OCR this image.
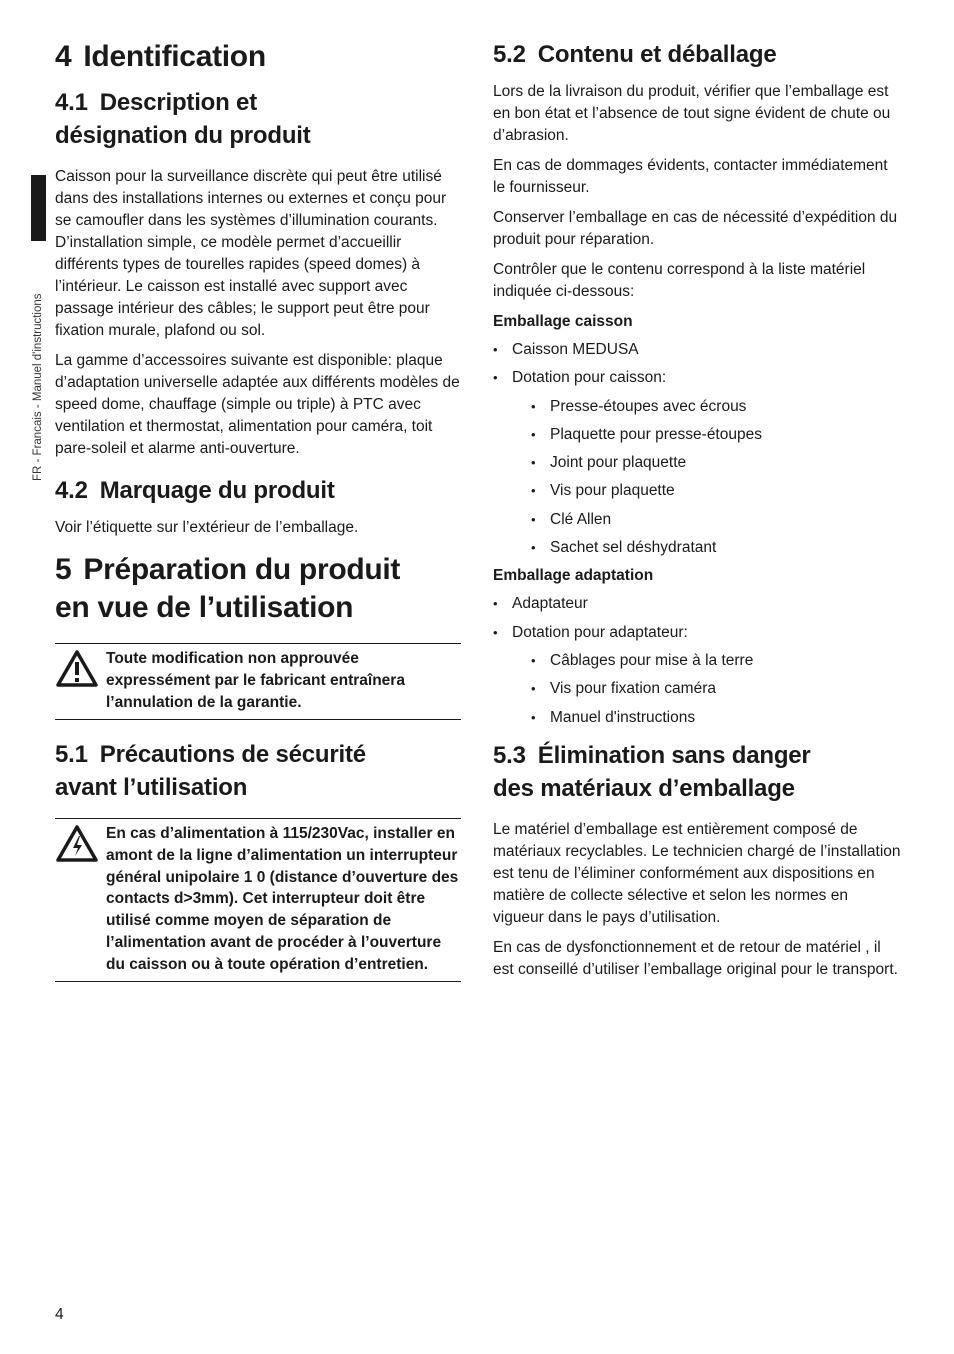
FR - Francais - Manuel d'instructions
4 Identification
4.1 Description et
désignation du produit

Caisson pour la surveillance discrète qui peut être utilisé dans des installations internes ou externes et conçu pour se camoufler dans les systèmes d’illumination courants. D’installation simple, ce modèle permet d’accueillir différents types de tourelles rapides (speed domes) à l’intérieur. Le caisson est installé avec support avec passage intérieur des câbles; le support peut être pour fixation murale, plafond ou sol.

La gamme d’accessoires suivante est disponible: plaque d’adaptation universelle adaptée aux différents modèles de speed dome, chauffage (simple ou triple) à PTC avec ventilation et thermostat, alimentation pour caméra, toit pare-soleil et alarme anti-ouverture.

4.2 Marquage du produit

Voir l’étiquette sur l’extérieur de l’emballage.

5 Préparation du produit
en vue de l’utilisation
Toute modification non approuvée expressément par le fabricant entraînera l’annulation de la garantie.
5.1 Précautions de sécurité
avant l’utilisation
En cas d’alimentation à 115/230Vac, installer en amont de la ligne d’alimentation un interrupteur général unipolaire 1 0 (distance d’ouverture des contacts d>3mm). Cet interrupteur doit être utilisé comme moyen de séparation de l’alimentation avant de procéder à l’ouverture du caisson ou à toute opération d’entretien.
5.2 Contenu et déballage

Lors de la livraison du produit, vérifier que l’emballage est en bon état et l’absence de tout signe évident de chute ou d’abrasion.

En cas de dommages évidents, contacter immédiatement le fournisseur.

Conserver l’emballage en cas de nécessité d’expédition du produit pour réparation.

Contrôler que le contenu correspond à la liste matériel indiquée ci-dessous:

Emballage caisson
• Caisson MEDUSA
• Dotation pour caisson:
• Presse-étoupes avec écrous
• Plaquette pour presse-étoupes
• Joint pour plaquette
• Vis pour plaquette
• Clé Allen
• Sachet sel déshydratant
Emballage adaptation
• Adaptateur
• Dotation pour adaptateur:
• Câblages pour mise à la terre
• Vis pour fixation caméra
• Manuel d'instructions
5.3 Élimination sans danger
des matériaux d’emballage

Le matériel d’emballage est entièrement composé de matériaux recyclables. Le technicien chargé de l’installation est tenu de l’éliminer conformément aux dispositions en matière de collecte sélective et selon les normes en vigueur dans le pays d’utilisation.

En cas de dysfonctionnement et de retour de matériel , il est conseillé d’utiliser l’emballage original pour le transport.

4
